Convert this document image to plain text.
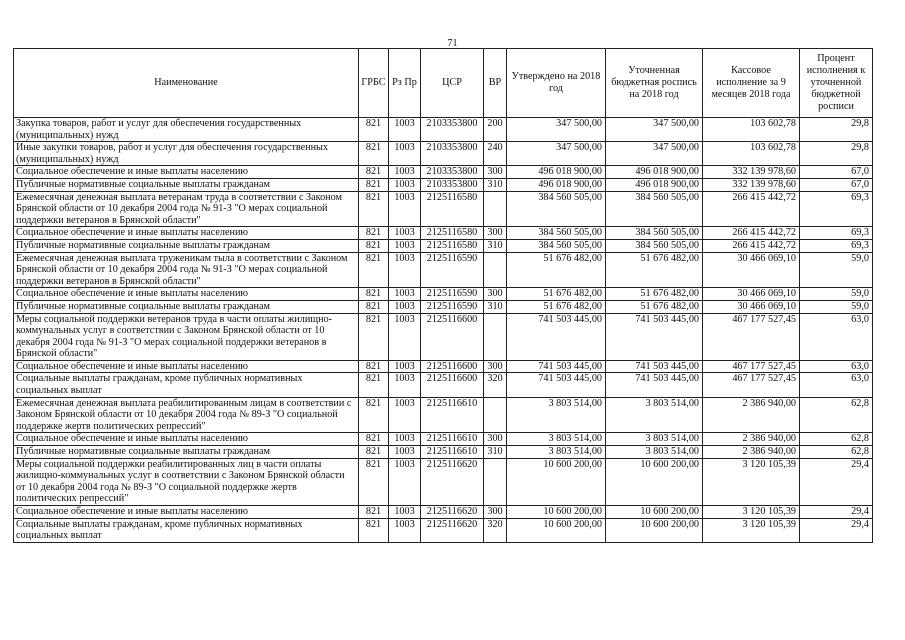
71
Наименование	ГРБС	Рз Пр	ЦСР	ВР	Утверждено на 2018 год	Уточненная бюджетная роспись на 2018 год	Кассовое исполнение за 9 месяцев 2018 года	Процент исполнения к уточненной бюджетной росписи
Закупка товаров, работ и услуг для обеспечения государственных (муниципальных) нужд	821	1003	2103353800	200	347 500,00	347 500,00	103 602,78	29,8
Иные закупки товаров, работ и услуг для обеспечения государственных (муниципальных) нужд	821	1003	2103353800	240	347 500,00	347 500,00	103 602,78	29,8
Социальное обеспечение и иные выплаты населению	821	1003	2103353800	300	496 018 900,00	496 018 900,00	332 139 978,60	67,0
Публичные нормативные социальные выплаты гражданам	821	1003	2103353800	310	496 018 900,00	496 018 900,00	332 139 978,60	67,0
Ежемесячная денежная выплата ветеранам труда в соответствии с Законом Брянской области от 10 декабря 2004 года № 91-З "О мерах социальной поддержки ветеранов в Брянской области"	821	1003	2125116580		384 560 505,00	384 560 505,00	266 415 442,72	69,3
Социальное обеспечение и иные выплаты населению	821	1003	2125116580	300	384 560 505,00	384 560 505,00	266 415 442,72	69,3
Публичные нормативные социальные выплаты гражданам	821	1003	2125116580	310	384 560 505,00	384 560 505,00	266 415 442,72	69,3
Ежемесячная денежная выплата труженикам тыла в соответствии с Законом Брянской области от 10 декабря 2004 года № 91-З "О мерах социальной поддержки ветеранов в Брянской области"	821	1003	2125116590		51 676 482,00	51 676 482,00	30 466 069,10	59,0
Социальное обеспечение и иные выплаты населению	821	1003	2125116590	300	51 676 482,00	51 676 482,00	30 466 069,10	59,0
Публичные нормативные социальные выплаты гражданам	821	1003	2125116590	310	51 676 482,00	51 676 482,00	30 466 069,10	59,0
Меры социальной поддержки ветеранов труда в части оплаты жилищно-коммунальных услуг в соответствии с Законом Брянской области от 10 декабря 2004 года № 91-З "О мерах социальной поддержки ветеранов в Брянской области"	821	1003	2125116600		741 503 445,00	741 503 445,00	467 177 527,45	63,0
Социальное обеспечение и иные выплаты населению	821	1003	2125116600	300	741 503 445,00	741 503 445,00	467 177 527,45	63,0
Социальные выплаты гражданам, кроме публичных нормативных социальных выплат	821	1003	2125116600	320	741 503 445,00	741 503 445,00	467 177 527,45	63,0
Ежемесячная денежная выплата реабилитированным лицам в соответствии с Законом Брянской области от 10 декабря 2004 года № 89-З "О социальной поддержке жертв политических репрессий"	821	1003	2125116610		3 803 514,00	3 803 514,00	2 386 940,00	62,8
Социальное обеспечение и иные выплаты населению	821	1003	2125116610	300	3 803 514,00	3 803 514,00	2 386 940,00	62,8
Публичные нормативные социальные выплаты гражданам	821	1003	2125116610	310	3 803 514,00	3 803 514,00	2 386 940,00	62,8
Меры социальной поддержки реабилитированных лиц в части оплаты жилищно-коммунальных услуг в соответствии с Законом Брянской области от 10 декабря 2004 года № 89-З "О социальной поддержке жертв политических репрессий"	821	1003	2125116620		10 600 200,00	10 600 200,00	3 120 105,39	29,4
Социальное обеспечение и иные выплаты населению	821	1003	2125116620	300	10 600 200,00	10 600 200,00	3 120 105,39	29,4
Социальные выплаты гражданам, кроме публичных нормативных социальных выплат	821	1003	2125116620	320	10 600 200,00	10 600 200,00	3 120 105,39	29,4
